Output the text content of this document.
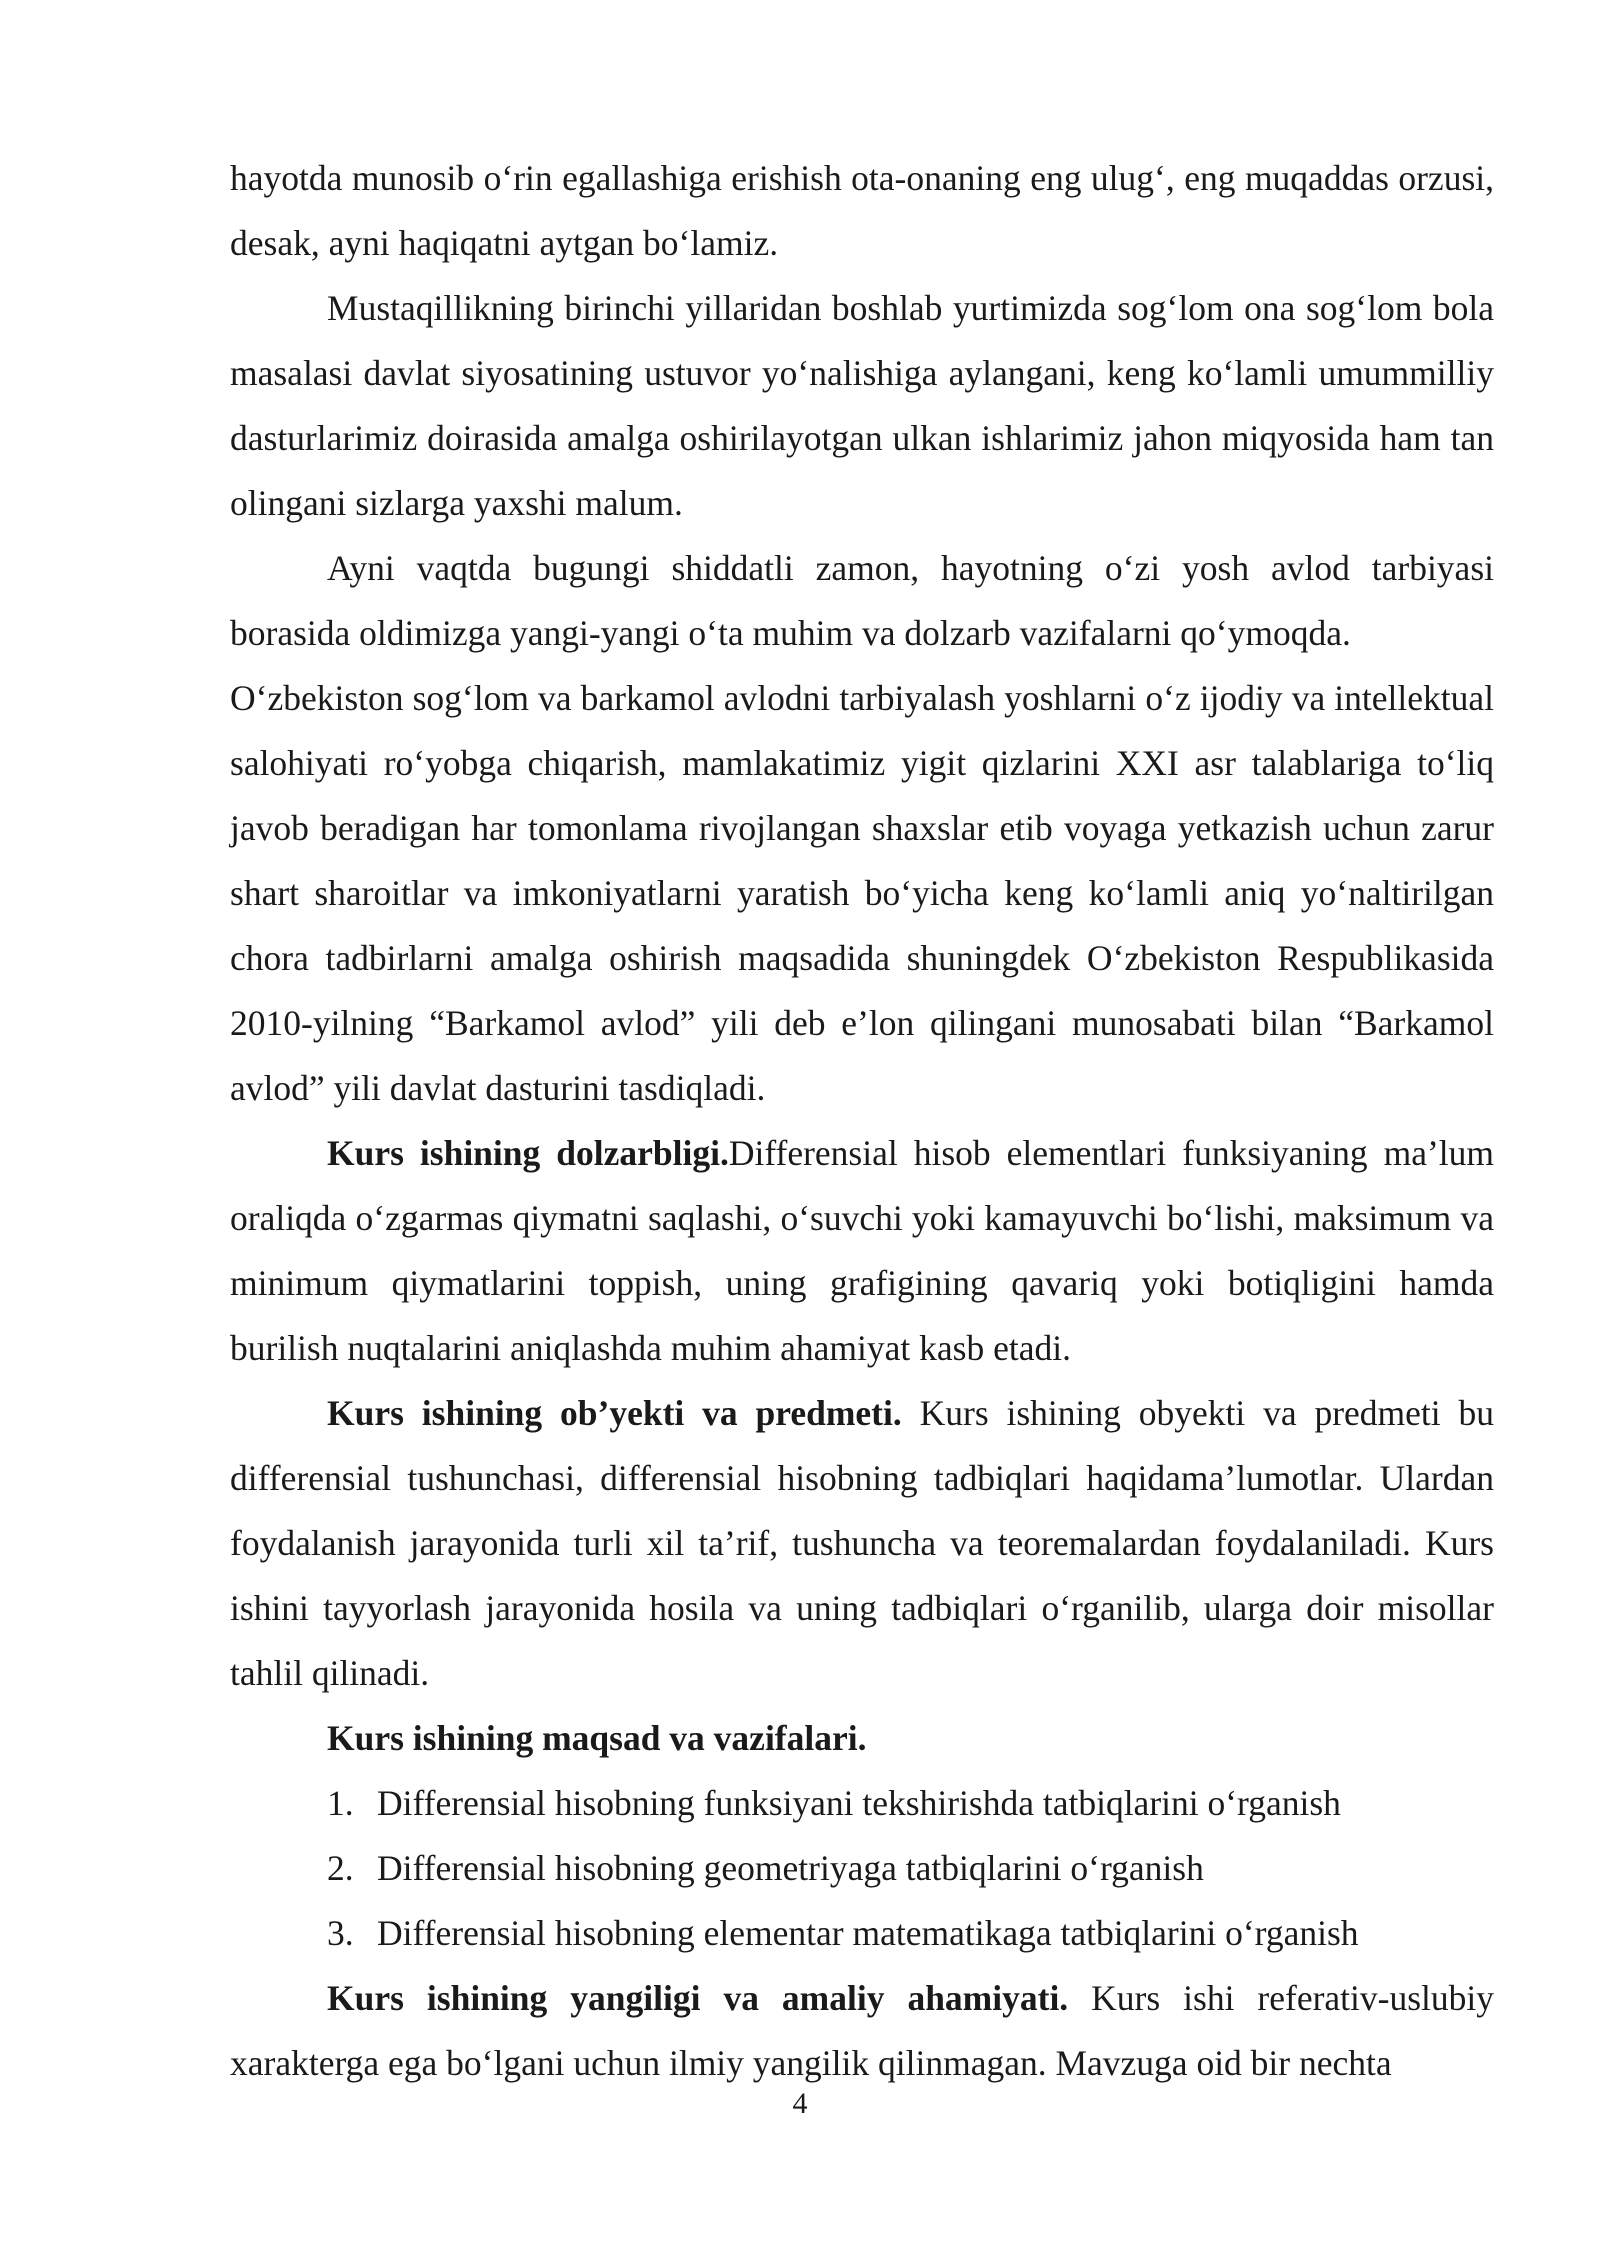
hayotda munosib o‘rin egallashiga erishish ota-onaning eng ulug‘, eng muqaddas orzusi, desak, ayni haqiqatni aytgan bo‘lamiz.

Mustaqillikning birinchi yillaridan boshlab yurtimizda sog‘lom ona sog‘lom bola masalasi davlat siyosatining ustuvor yo‘nalishiga aylangani, keng ko‘lamli umummilliy dasturlarimiz doirasida amalga oshirilayotgan ulkan ishlarimiz jahon miqyosida ham tan olingani sizlarga yaxshi malum.

Ayni vaqtda bugungi shiddatli zamon, hayotning o‘zi yosh avlod tarbiyasi borasida oldimizga yangi-yangi o‘ta muhim va dolzarb vazifalarni qo‘ymoqda.

O‘zbekiston sog‘lom va barkamol avlodni tarbiyalash yoshlarni o‘z ijodiy va intellektual salohiyati ro‘yobga chiqarish, mamlakatimiz yigit qizlarini XXI asr talablariga to‘liq javob beradigan har tomonlama rivojlangan shaxslar etib voyaga yetkazish uchun zarur shart sharoitlar va imkoniyatlarni yaratish bo‘yicha keng ko‘lamli aniq yo‘naltirilgan chora tadbirlarni amalga oshirish maqsadida shuningdek O‘zbekiston Respublikasida 2010-yilning “Barkamol avlod” yili deb e’lon qilingani munosabati bilan “Barkamol avlod” yili davlat dasturini tasdiqladi.

Kurs ishining dolzarbligi.Differensial hisob elementlari funksiyaning ma’lum oraliqda o‘zgarmas qiymatni saqlashi, o‘suvchi yoki kamayuvchi bo‘lishi, maksimum va minimum qiymatlarini toppish, uning grafigining qavariq yoki botiqligini hamda burilish nuqtalarini aniqlashda muhim ahamiyat kasb etadi.

Kurs ishining ob’yekti va predmeti. Kurs ishining obyekti va predmeti bu differensial tushunchasi, differensial hisobning tadbiqlari haqidama’lumotlar. Ulardan foydalanish jarayonida turli xil ta’rif, tushuncha va teoremalardan foydalaniladi. Kurs ishini tayyorlash jarayonida hosila va uning tadbiqlari o‘rganilib, ularga doir misollar tahlil qilinadi.

Kurs ishining maqsad va vazifalari.

1. Differensial hisobning funksiyani tekshirishda tatbiqlarini o‘rganish

2. Differensial hisobning geometriyaga tatbiqlarini o‘rganish

3. Differensial hisobning elementar matematikaga tatbiqlarini o‘rganish

Kurs ishining yangiligi va amaliy ahamiyati. Kurs ishi referativ-uslubiy xarakterga ega bo‘lgani uchun ilmiy yangilik qilinmagan. Mavzuga oid bir nechta

4
